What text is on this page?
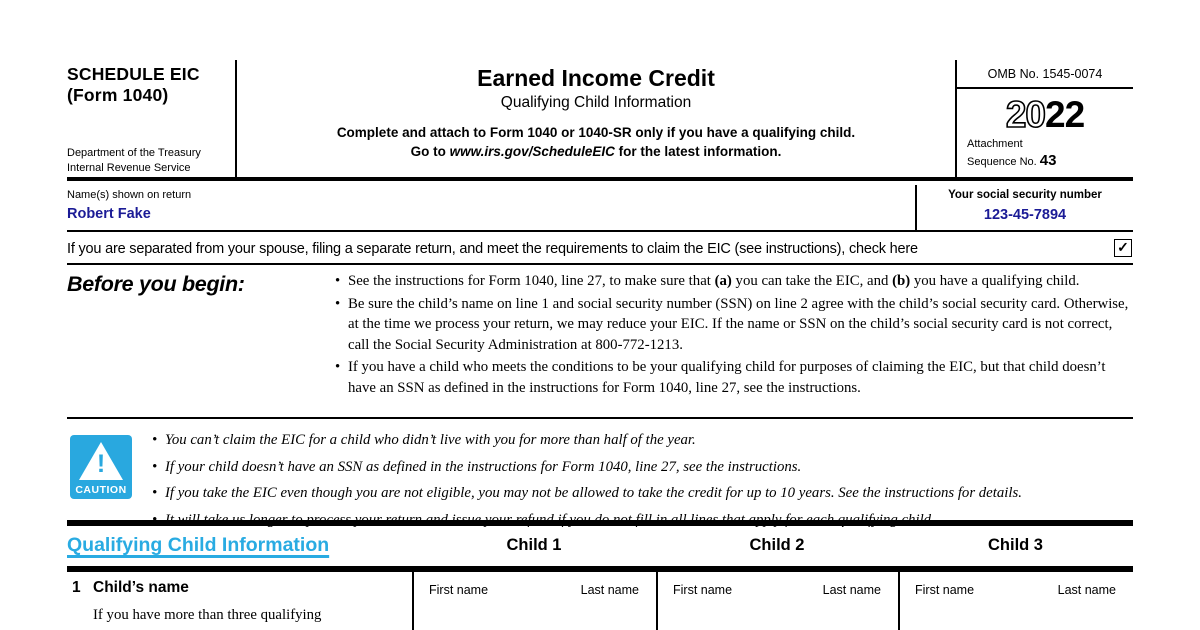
SCHEDULE EIC
(Form 1040)
Department of the Treasury
Internal Revenue Service
Earned Income Credit
Qualifying Child Information
Complete and attach to Form 1040 or 1040-SR only if you have a qualifying child.
Go to www.irs.gov/ScheduleEIC for the latest information.
OMB No. 1545-0074
2022
Attachment
Sequence No. 43
Name(s) shown on return
Robert Fake
Your social security number
123-45-7894
If you are separated from your spouse, filing a separate return, and meet the requirements to claim the EIC (see instructions), check here	✓
Before you begin:	• See the instructions for Form 1040, line 27, to make sure that (a) you can take the EIC, and (b) you have a qualifying child.
• Be sure the child’s name on line 1 and social security number (SSN) on line 2 agree with the child’s social security card. Otherwise, at the time we process your return, we may reduce your EIC. If the name or SSN on the child’s social security card is not correct, call the Social Security Administration at 800-772-1213.
• If you have a child who meets the conditions to be your qualifying child for purposes of claiming the EIC, but that child doesn’t have an SSN as defined in the instructions for Form 1040, line 27, see the instructions.
!
CAUTION
• You can’t claim the EIC for a child who didn’t live with you for more than half of the year.
• If your child doesn’t have an SSN as defined in the instructions for Form 1040, line 27, see the instructions.
• If you take the EIC even though you are not eligible, you may not be allowed to take the credit for up to 10 years. See the instructions for details.
Qualifying Child Information	Child 1	Child 2	Child 3
1 Child’s name
If you have more than three qualifying
First name	Last name	First name	Last name	First name	Last name
